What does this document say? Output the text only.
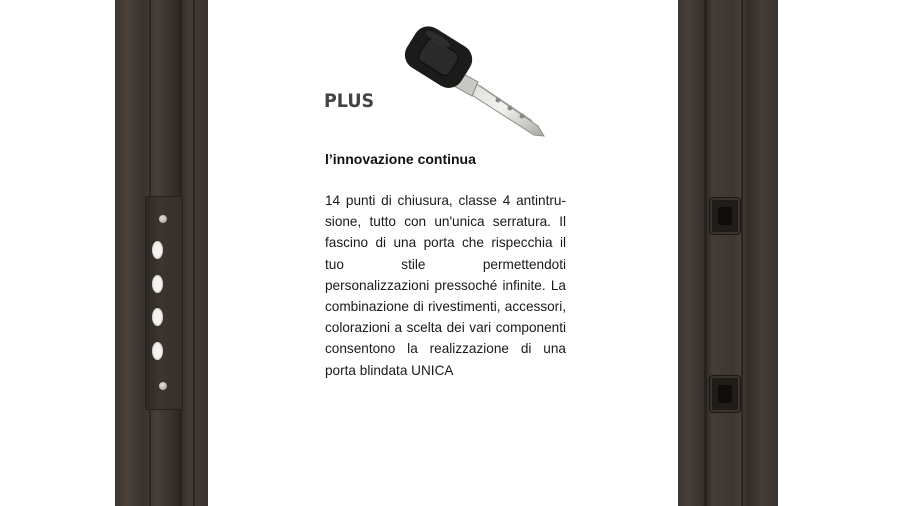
PLUS

l’innovazione continua

14 punti di chiusura, classe 4 antintru- sione, tutto con un'unica serratura. Il fascino di una porta che rispecchia il tuo stile permettendoti personalizzazioni pressoché infinite. La combinazione di rivestimenti, accessori, colorazioni a scelta dei vari componenti consentono la realizzazione di una porta blindata UNICA
